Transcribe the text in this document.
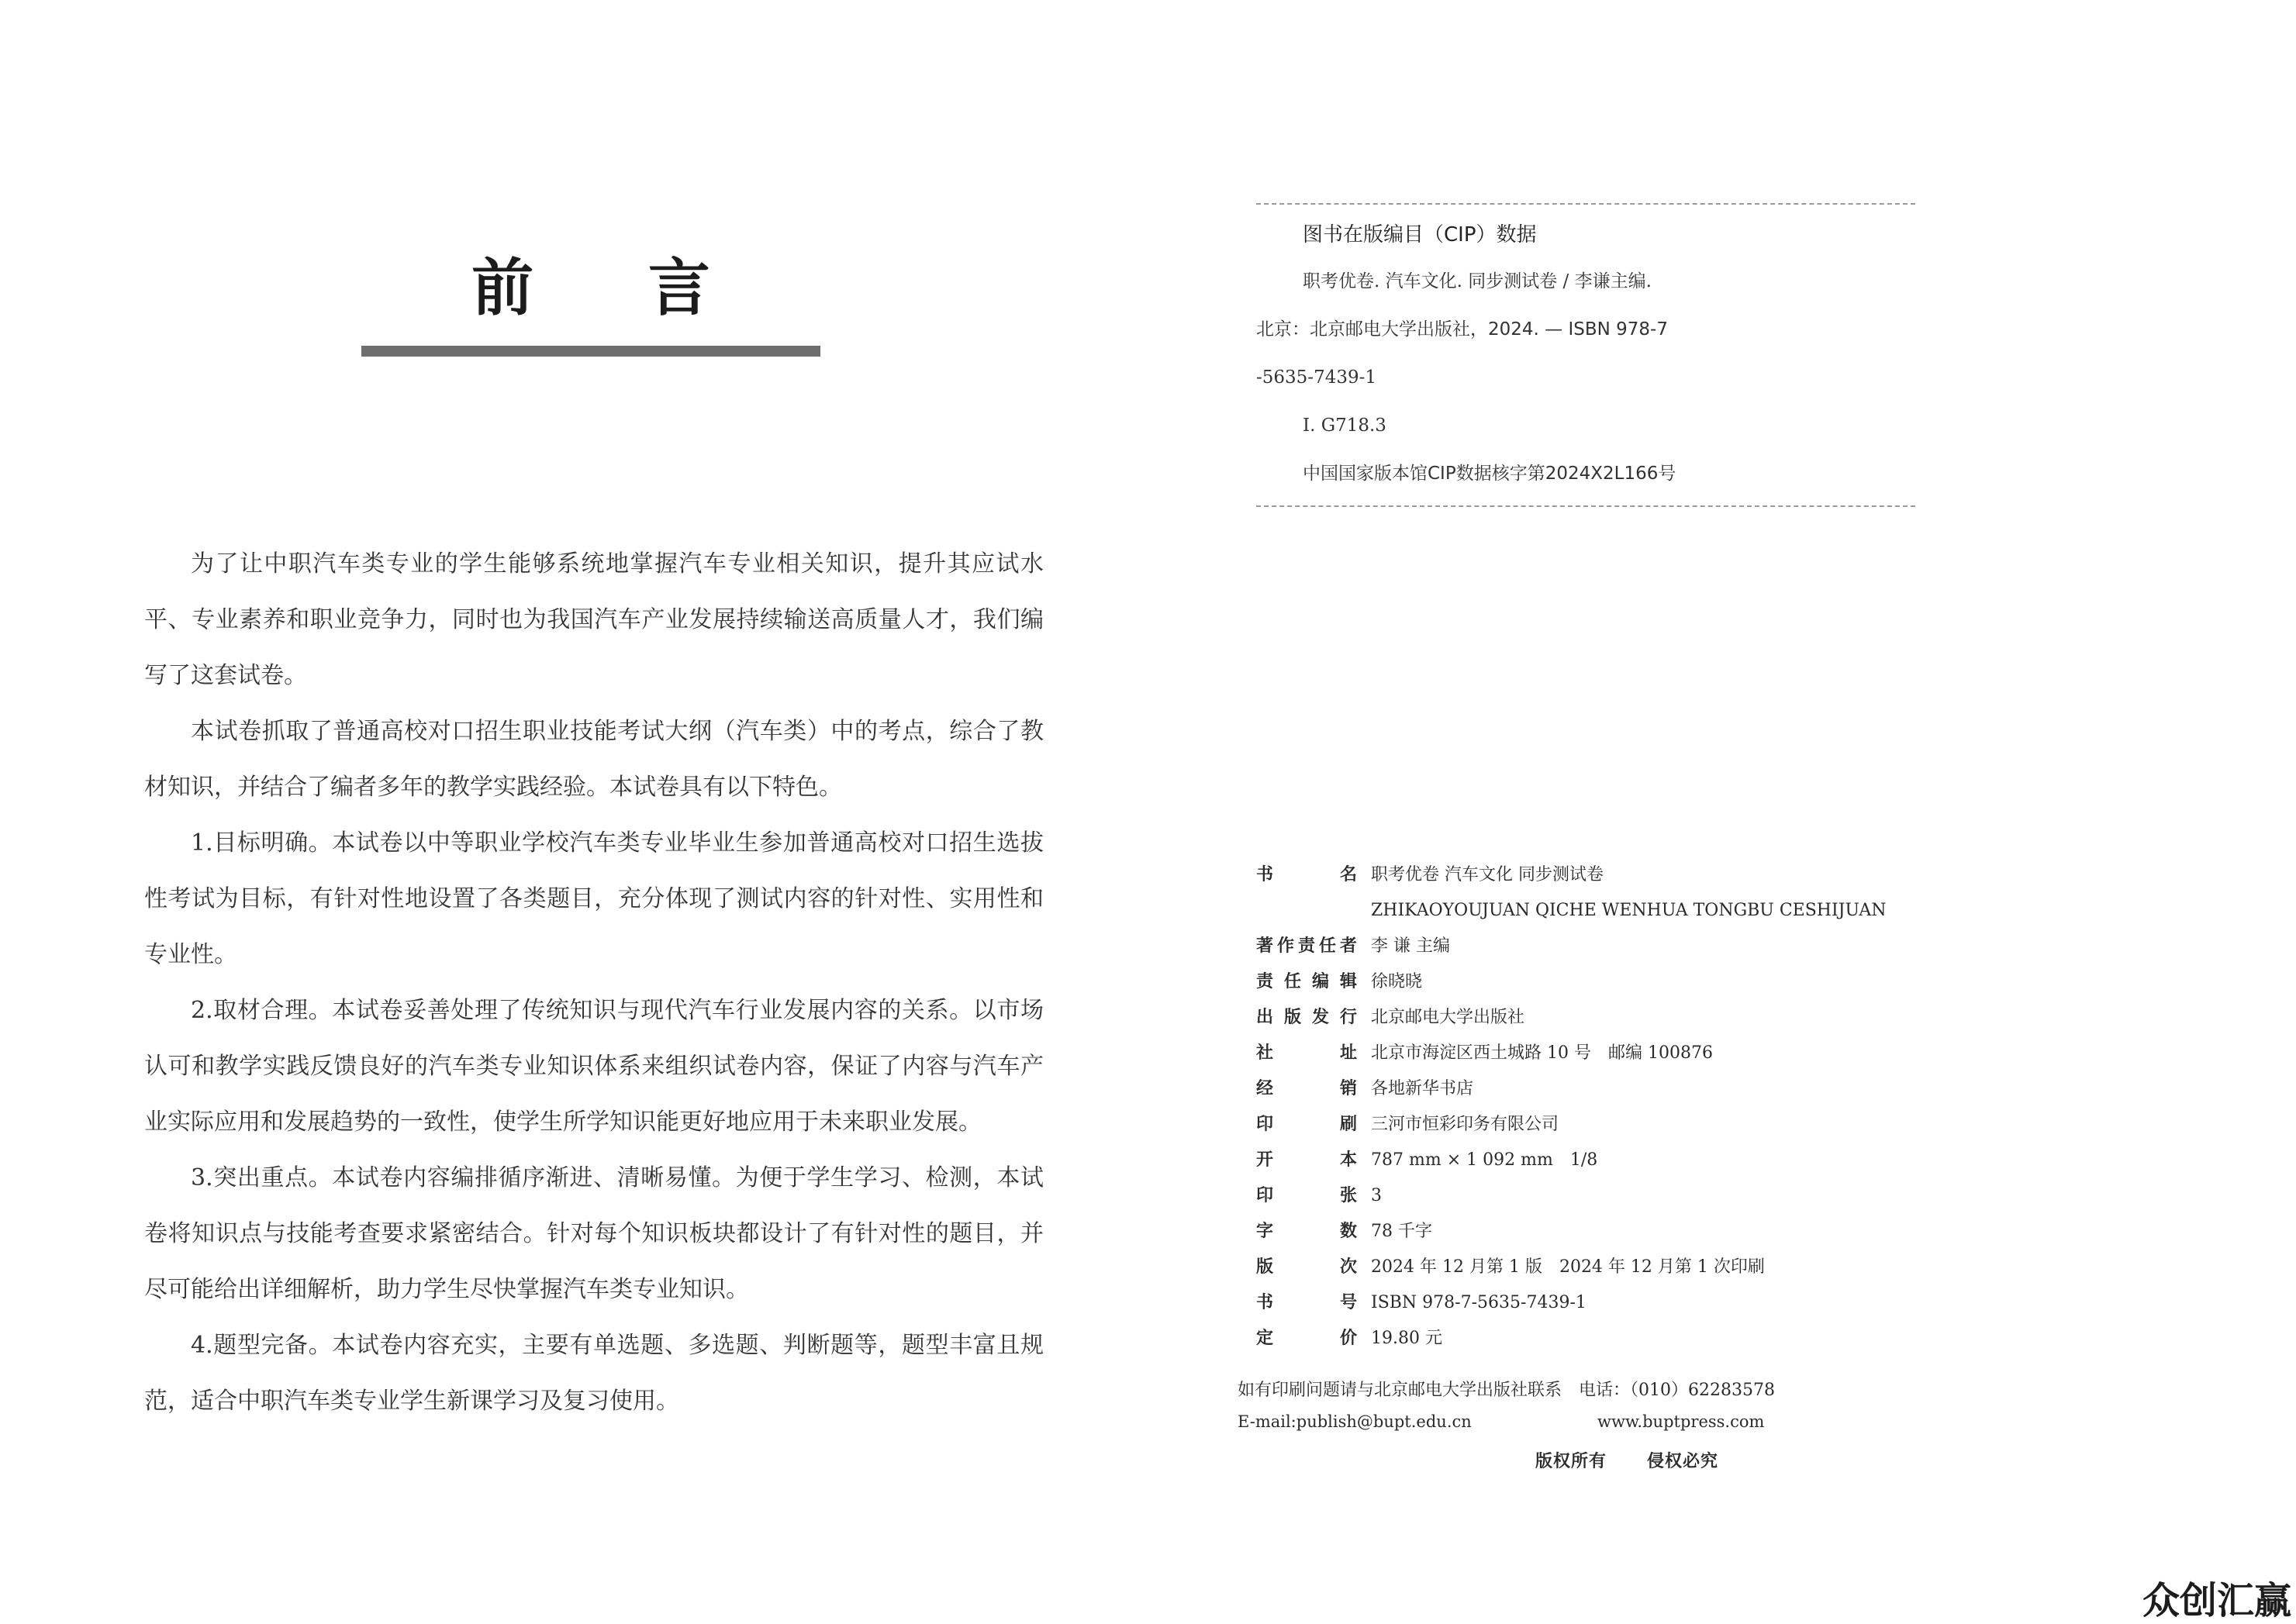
前 言

为了让中职汽车类专业的学生能够系统地掌握汽车专业相关知识，提升其应试水平、专业素养和职业竞争力，同时也为我国汽车产业发展持续输送高质量人才，我们编写了这套试卷。

本试卷抓取了普通高校对口招生职业技能考试大纲（汽车类）中的考点，综合了教材知识，并结合了编者多年的教学实践经验。本试卷具有以下特色。

1.目标明确。本试卷以中等职业学校汽车类专业毕业生参加普通高校对口招生选拔性考试为目标，有针对性地设置了各类题目，充分体现了测试内容的针对性、实用性和专业性。

2.取材合理。本试卷妥善处理了传统知识与现代汽车行业发展内容的关系。以市场认可和教学实践反馈良好的汽车类专业知识体系来组织试卷内容，保证了内容与汽车产业实际应用和发展趋势的一致性，使学生所学知识能更好地应用于未来职业发展。

3.突出重点。本试卷内容编排循序渐进、清晰易懂。为便于学生学习、检测，本试卷将知识点与技能考查要求紧密结合。针对每个知识板块都设计了有针对性的题目，并尽可能给出详细解析，助力学生尽快掌握汽车类专业知识。

4.题型完备。本试卷内容充实，主要有单选题、多选题、判断题等，题型丰富且规范，适合中职汽车类专业学生新课学习及复习使用。

图书在版编目（CIP）数据
职考优卷. 汽车文化. 同步测试卷 / 李谦主编.
北京：北京邮电大学出版社，2024. — ISBN 978-7
-5635-7439-1
Ⅰ. G718.3
中国国家版本馆CIP数据核字第2024X2L166号
书名 职考优卷 汽车文化 同步测试卷
ZHIKAOYOUJUAN QICHE WENHUA TONGBU CESHIJUAN
著作责任者 李 谦 主编
责任编辑 徐晓晓
出版发行 北京邮电大学出版社
社址 北京市海淀区西土城路 10 号　邮编 100876
经销 各地新华书店
印刷 三河市恒彩印务有限公司
开本 787 mm × 1 092 mm　1/8
印张 3
字数 78 千字
版次 2024 年 12 月第 1 版　2024 年 12 月第 1 次印刷
书号 ISBN 978-7-5635-7439-1
定价 19.80 元
如有印刷问题请与北京邮电大学出版社联系　电话：（010）62283578
E-mail:publish@bupt.edu.cn	www.buptpress.com
版权所有 侵权必究
众创汇赢
